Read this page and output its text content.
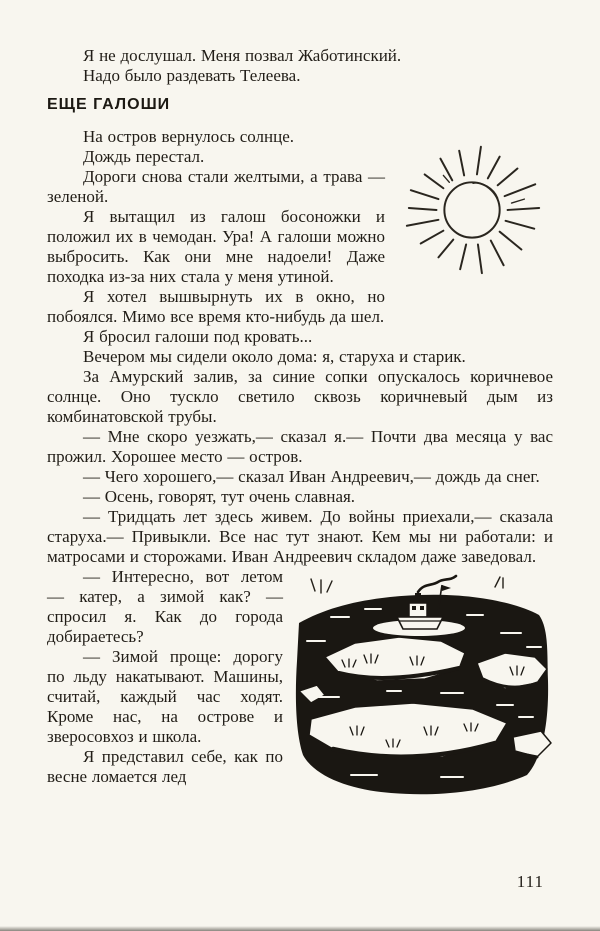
Я не дослушал. Меня позвал Жаботинский.

Надо было раздевать Телеева.

ЕЩЕ ГАЛОШИ

На остров вернулось солнце.

Дождь перестал.

Дороги снова стали желтыми, а трава — зеленой.

Я вытащил из галош босоножки и положил их в чемодан. Ура! А галоши можно выбросить. Как они мне надоели! Даже походка из-за них стала у меня утиной.

Я хотел вышвырнуть их в окно, но побоялся. Мимо все время кто-нибудь да шел.

Я бросил галоши под кровать...

Вечером мы сидели около дома: я, старуха и старик.

За Амурский залив, за синие сопки опускалось коричневое солнце. Оно тускло светило сквозь коричневый дым из комбинатовской трубы.

— Мне скоро уезжать,— сказал я.— Почти два месяца у вас прожил. Хорошее место — остров.

— Чего хорошего,— сказал Иван Андреевич,— дождь да снег.

— Осень, говорят, тут очень славная.

— Тридцать лет здесь живем. До войны приехали,— сказала старуха.— Привыкли. Все нас тут знают. Кем мы ни работали: и матросами и сторожами. Иван Андреевич складом даже заведовал.

— Интересно, вот летом — катер, а зимой как? — спросил я. Как до города добираетесь?

— Зимой проще: дорогу по льду накатывают. Машины, считай, каждый час ходят. Кроме нас, на острове и зверосовхоз и школа.

Я представил себе, как по весне ломается лед

111
